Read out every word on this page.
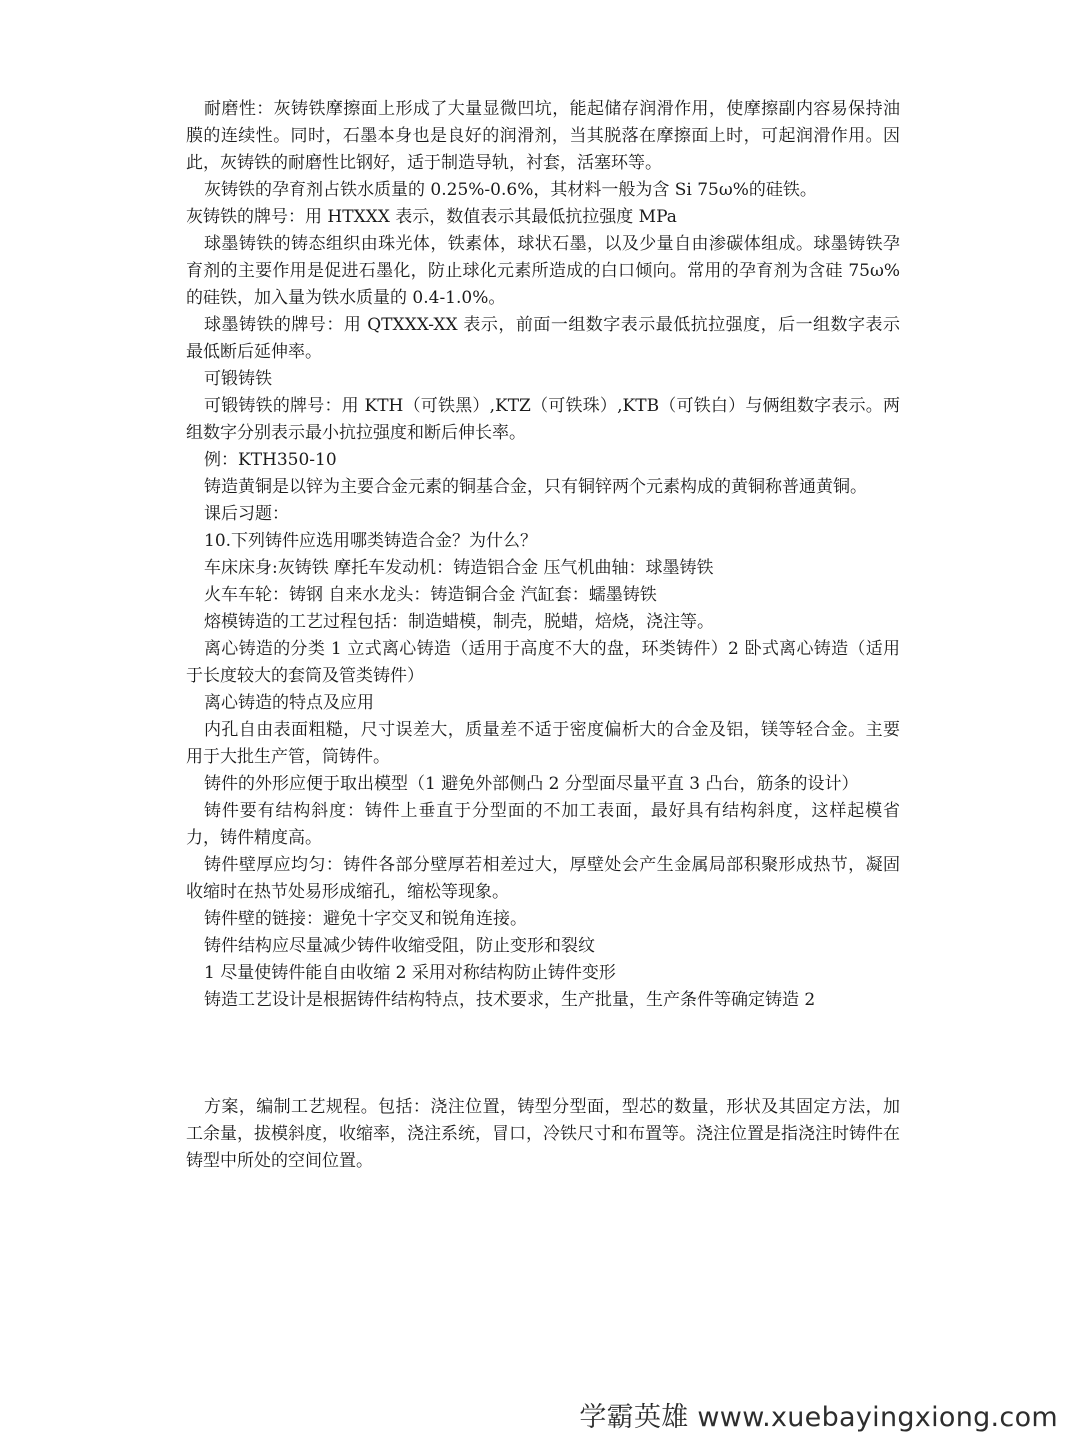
耐磨性：灰铸铁摩擦面上形成了大量显微凹坑，能起储存润滑作用，使摩擦副内容易保持油膜的连续性。同时，石墨本身也是良好的润滑剂，当其脱落在摩擦面上时，可起润滑作用。因此，灰铸铁的耐磨性比钢好，适于制造导轨，衬套，活塞环等。

灰铸铁的孕育剂占铁水质量的 0.25%-0.6%，其材料一般为含 Si 75ω%的硅铁。

灰铸铁的牌号：用 HTXXX 表示，数值表示其最低抗拉强度 MPa

球墨铸铁的铸态组织由珠光体，铁素体，球状石墨，以及少量自由渗碳体组成。球墨铸铁孕育剂的主要作用是促进石墨化，防止球化元素所造成的白口倾向。常用的孕育剂为含硅 75ω%的硅铁，加入量为铁水质量的 0.4-1.0%。

球墨铸铁的牌号：用 QTXXX-XX 表示，前面一组数字表示最低抗拉强度，后一组数字表示最低断后延伸率。

可锻铸铁

可锻铸铁的牌号：用 KTH（可铁黑）,KTZ（可铁珠）,KTB（可铁白）与俩组数字表示。两组数字分别表示最小抗拉强度和断后伸长率。

例：KTH350-10

铸造黄铜是以锌为主要合金元素的铜基合金，只有铜锌两个元素构成的黄铜称普通黄铜。

课后习题：

10.下列铸件应选用哪类铸造合金？为什么？

车床床身:灰铸铁 摩托车发动机：铸造铝合金 压气机曲轴：球墨铸铁

火车车轮：铸钢 自来水龙头：铸造铜合金 汽缸套：蠕墨铸铁

熔模铸造的工艺过程包括：制造蜡模，制壳，脱蜡，焙烧，浇注等。

离心铸造的分类 1 立式离心铸造（适用于高度不大的盘，环类铸件）2 卧式离心铸造（适用于长度较大的套筒及管类铸件）

离心铸造的特点及应用

内孔自由表面粗糙，尺寸误差大，质量差不适于密度偏析大的合金及铝，镁等轻合金。主要用于大批生产管，筒铸件。

铸件的外形应便于取出模型（1 避免外部侧凸 2 分型面尽量平直 3 凸台，筋条的设计）

铸件要有结构斜度：铸件上垂直于分型面的不加工表面，最好具有结构斜度，这样起模省力，铸件精度高。

铸件壁厚应均匀：铸件各部分壁厚若相差过大，厚壁处会产生金属局部积聚形成热节，凝固收缩时在热节处易形成缩孔，缩松等现象。

铸件壁的链接：避免十字交叉和锐角连接。

铸件结构应尽量减少铸件收缩受阻，防止变形和裂纹

1 尽量使铸件能自由收缩 2 采用对称结构防止铸件变形

铸造工艺设计是根据铸件结构特点，技术要求，生产批量，生产条件等确定铸造 2

方案，编制工艺规程。包括：浇注位置，铸型分型面，型芯的数量，形状及其固定方法，加工余量，拔模斜度，收缩率，浇注系统，冒口，冷铁尺寸和布置等。浇注位置是指浇注时铸件在铸型中所处的空间位置。

学霸英雄 www.xuebayingxiong.com
